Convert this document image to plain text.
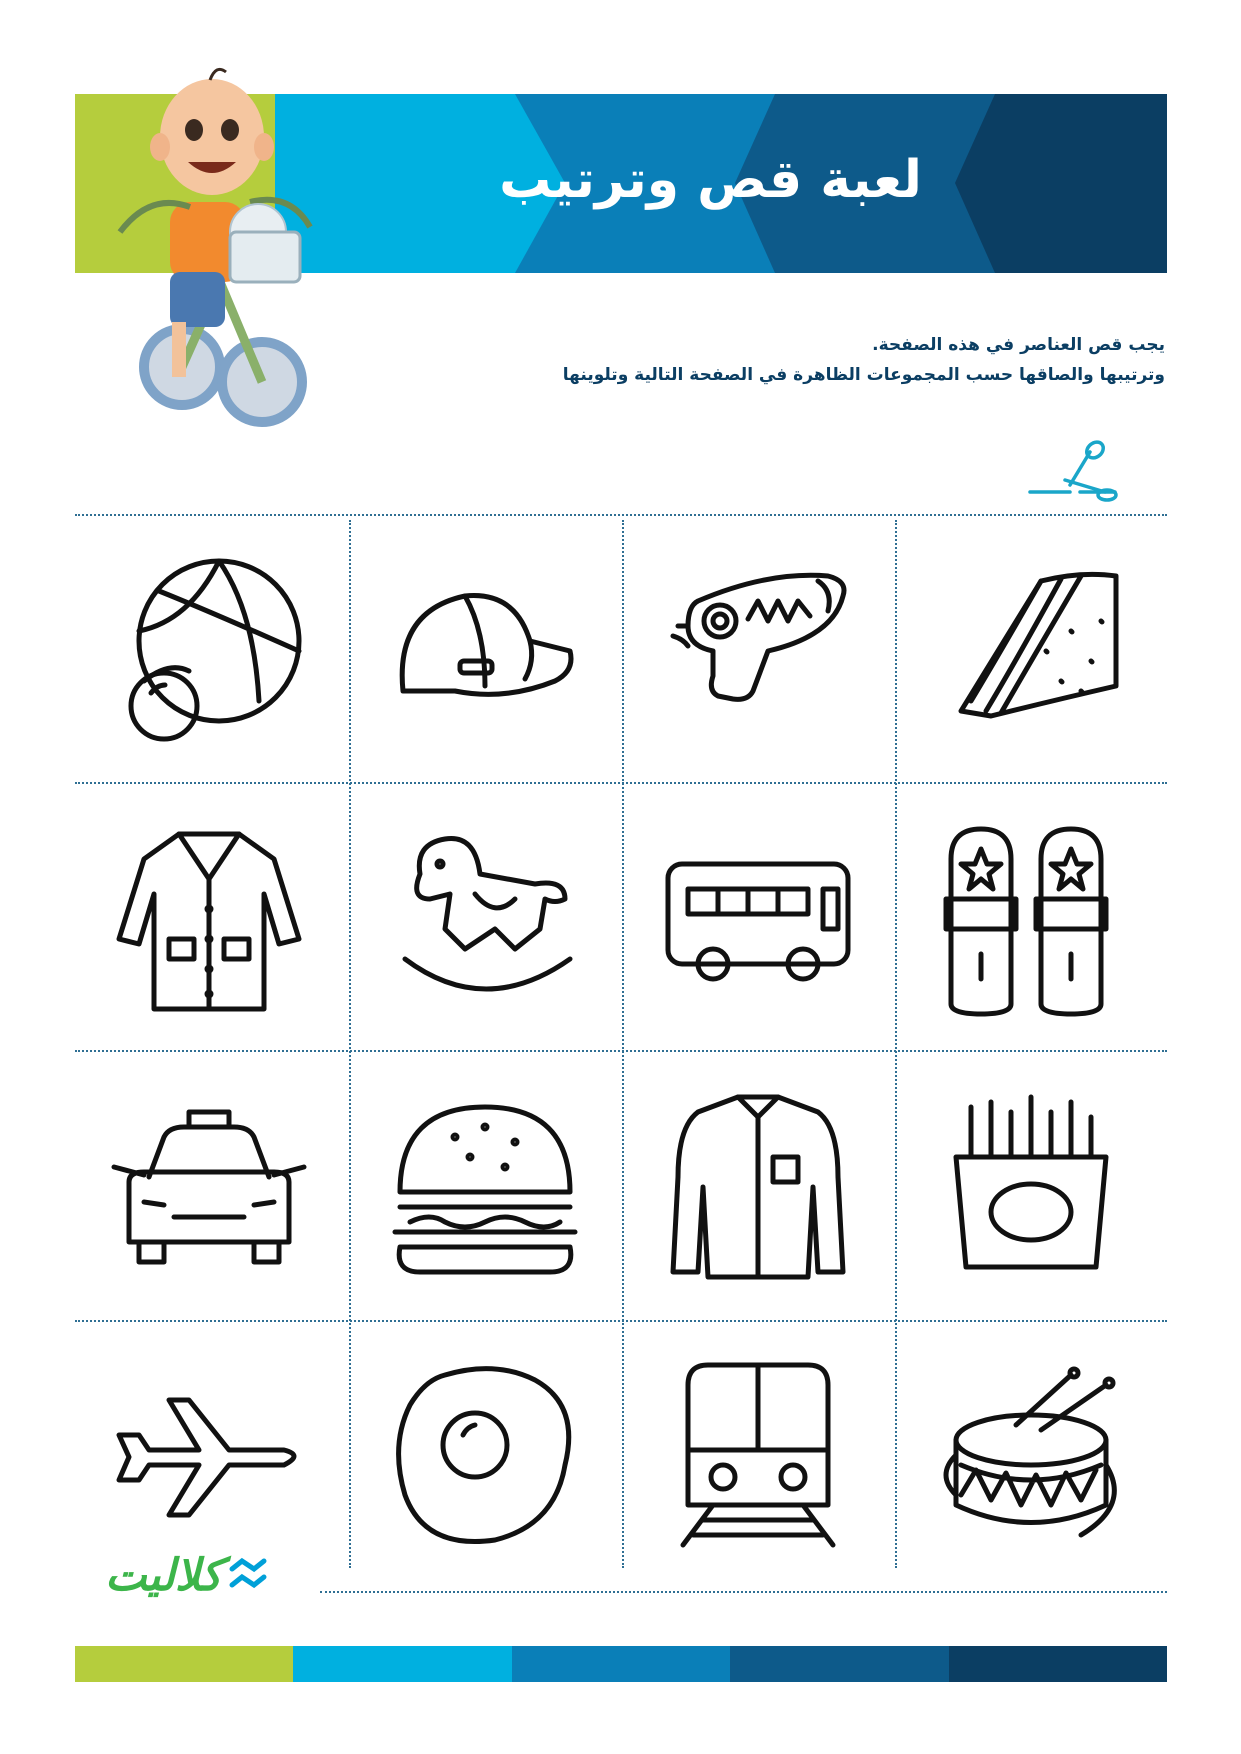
لعبة قص وترتيب
يجب قص العناصر في هذه الصفحة.
وترتيبها والصاقها حسب المجموعات الظاهرة في الصفحة التالية وتلوينها
كلاليت
